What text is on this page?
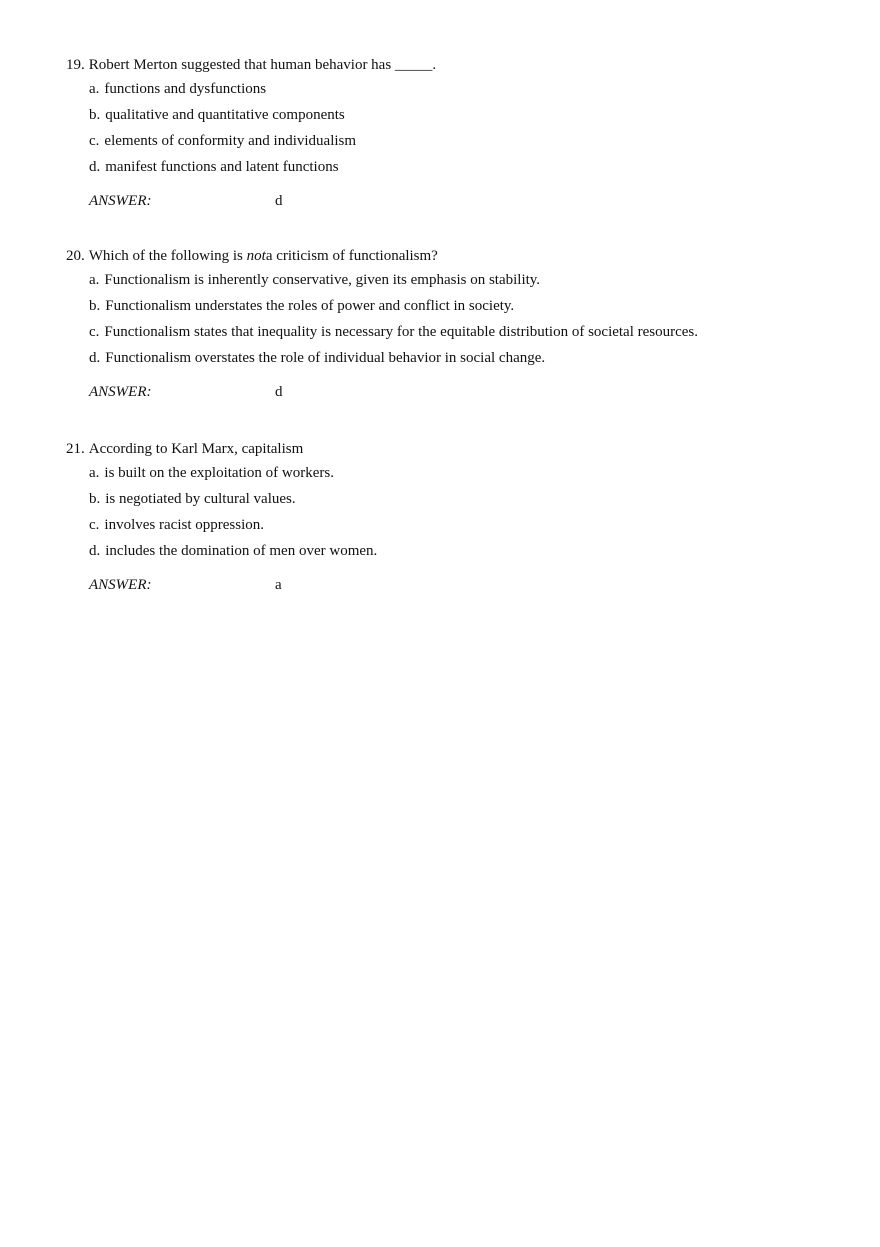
19. Robert Merton suggested that human behavior has _____.
a. functions and dysfunctions
b. qualitative and quantitative components
c. elements of conformity and individualism
d. manifest functions and latent functions
ANSWER:	d
20. Which of the following is nota criticism of functionalism?
a. Functionalism is inherently conservative, given its emphasis on stability.
b. Functionalism understates the roles of power and conflict in society.
c. Functionalism states that inequality is necessary for the equitable distribution of societal resources.
d. Functionalism overstates the role of individual behavior in social change.
ANSWER:	d
21. According to Karl Marx, capitalism
a. is built on the exploitation of workers.
b. is negotiated by cultural values.
c. involves racist oppression.
d. includes the domination of men over women.
ANSWER:	a
